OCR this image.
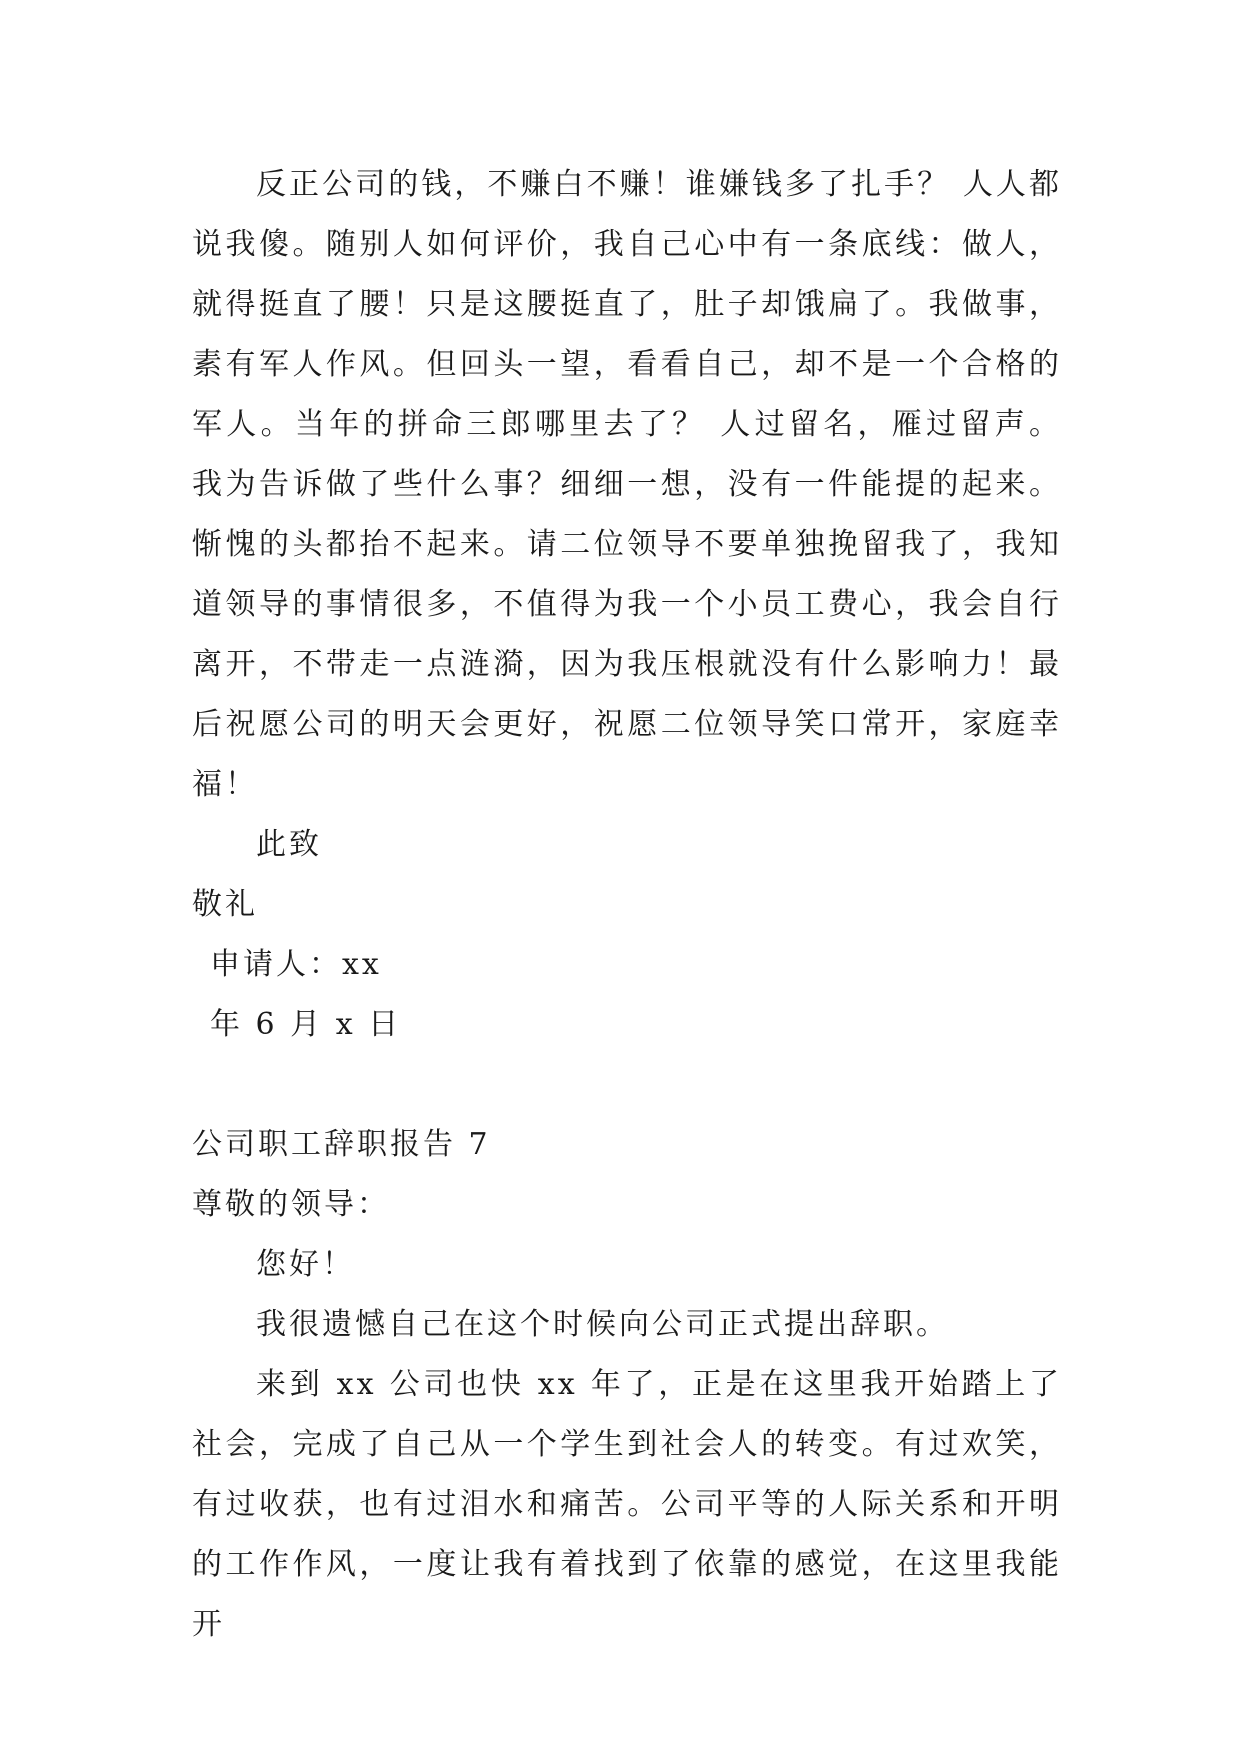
反正公司的钱，不赚白不赚！谁嫌钱多了扎手？ 人人都说我傻。随别人如何评价，我自己心中有一条底线：做人，就得挺直了腰！只是这腰挺直了，肚子却饿扁了。我做事，素有军人作风。但回头一望，看看自己，却不是一个合格的军人。当年的拼命三郎哪里去了？ 人过留名，雁过留声。我为告诉做了些什么事？细细一想，没有一件能提的起来。惭愧的头都抬不起来。请二位领导不要单独挽留我了，我知道领导的事情很多，不值得为我一个小员工费心，我会自行离开，不带走一点涟漪，因为我压根就没有什么影响力！最后祝愿公司的明天会更好，祝愿二位领导笑口常开，家庭幸福！

此致

敬礼

申请人：xx

年 6 月 x 日

公司职工辞职报告 7

尊敬的领导：

您好！

我很遗憾自己在这个时候向公司正式提出辞职。

来到 xx 公司也快 xx 年了，正是在这里我开始踏上了社会，完成了自己从一个学生到社会人的转变。有过欢笑，有过收获，也有过泪水和痛苦。公司平等的人际关系和开明的工作作风，一度让我有着找到了依靠的感觉，在这里我能开
